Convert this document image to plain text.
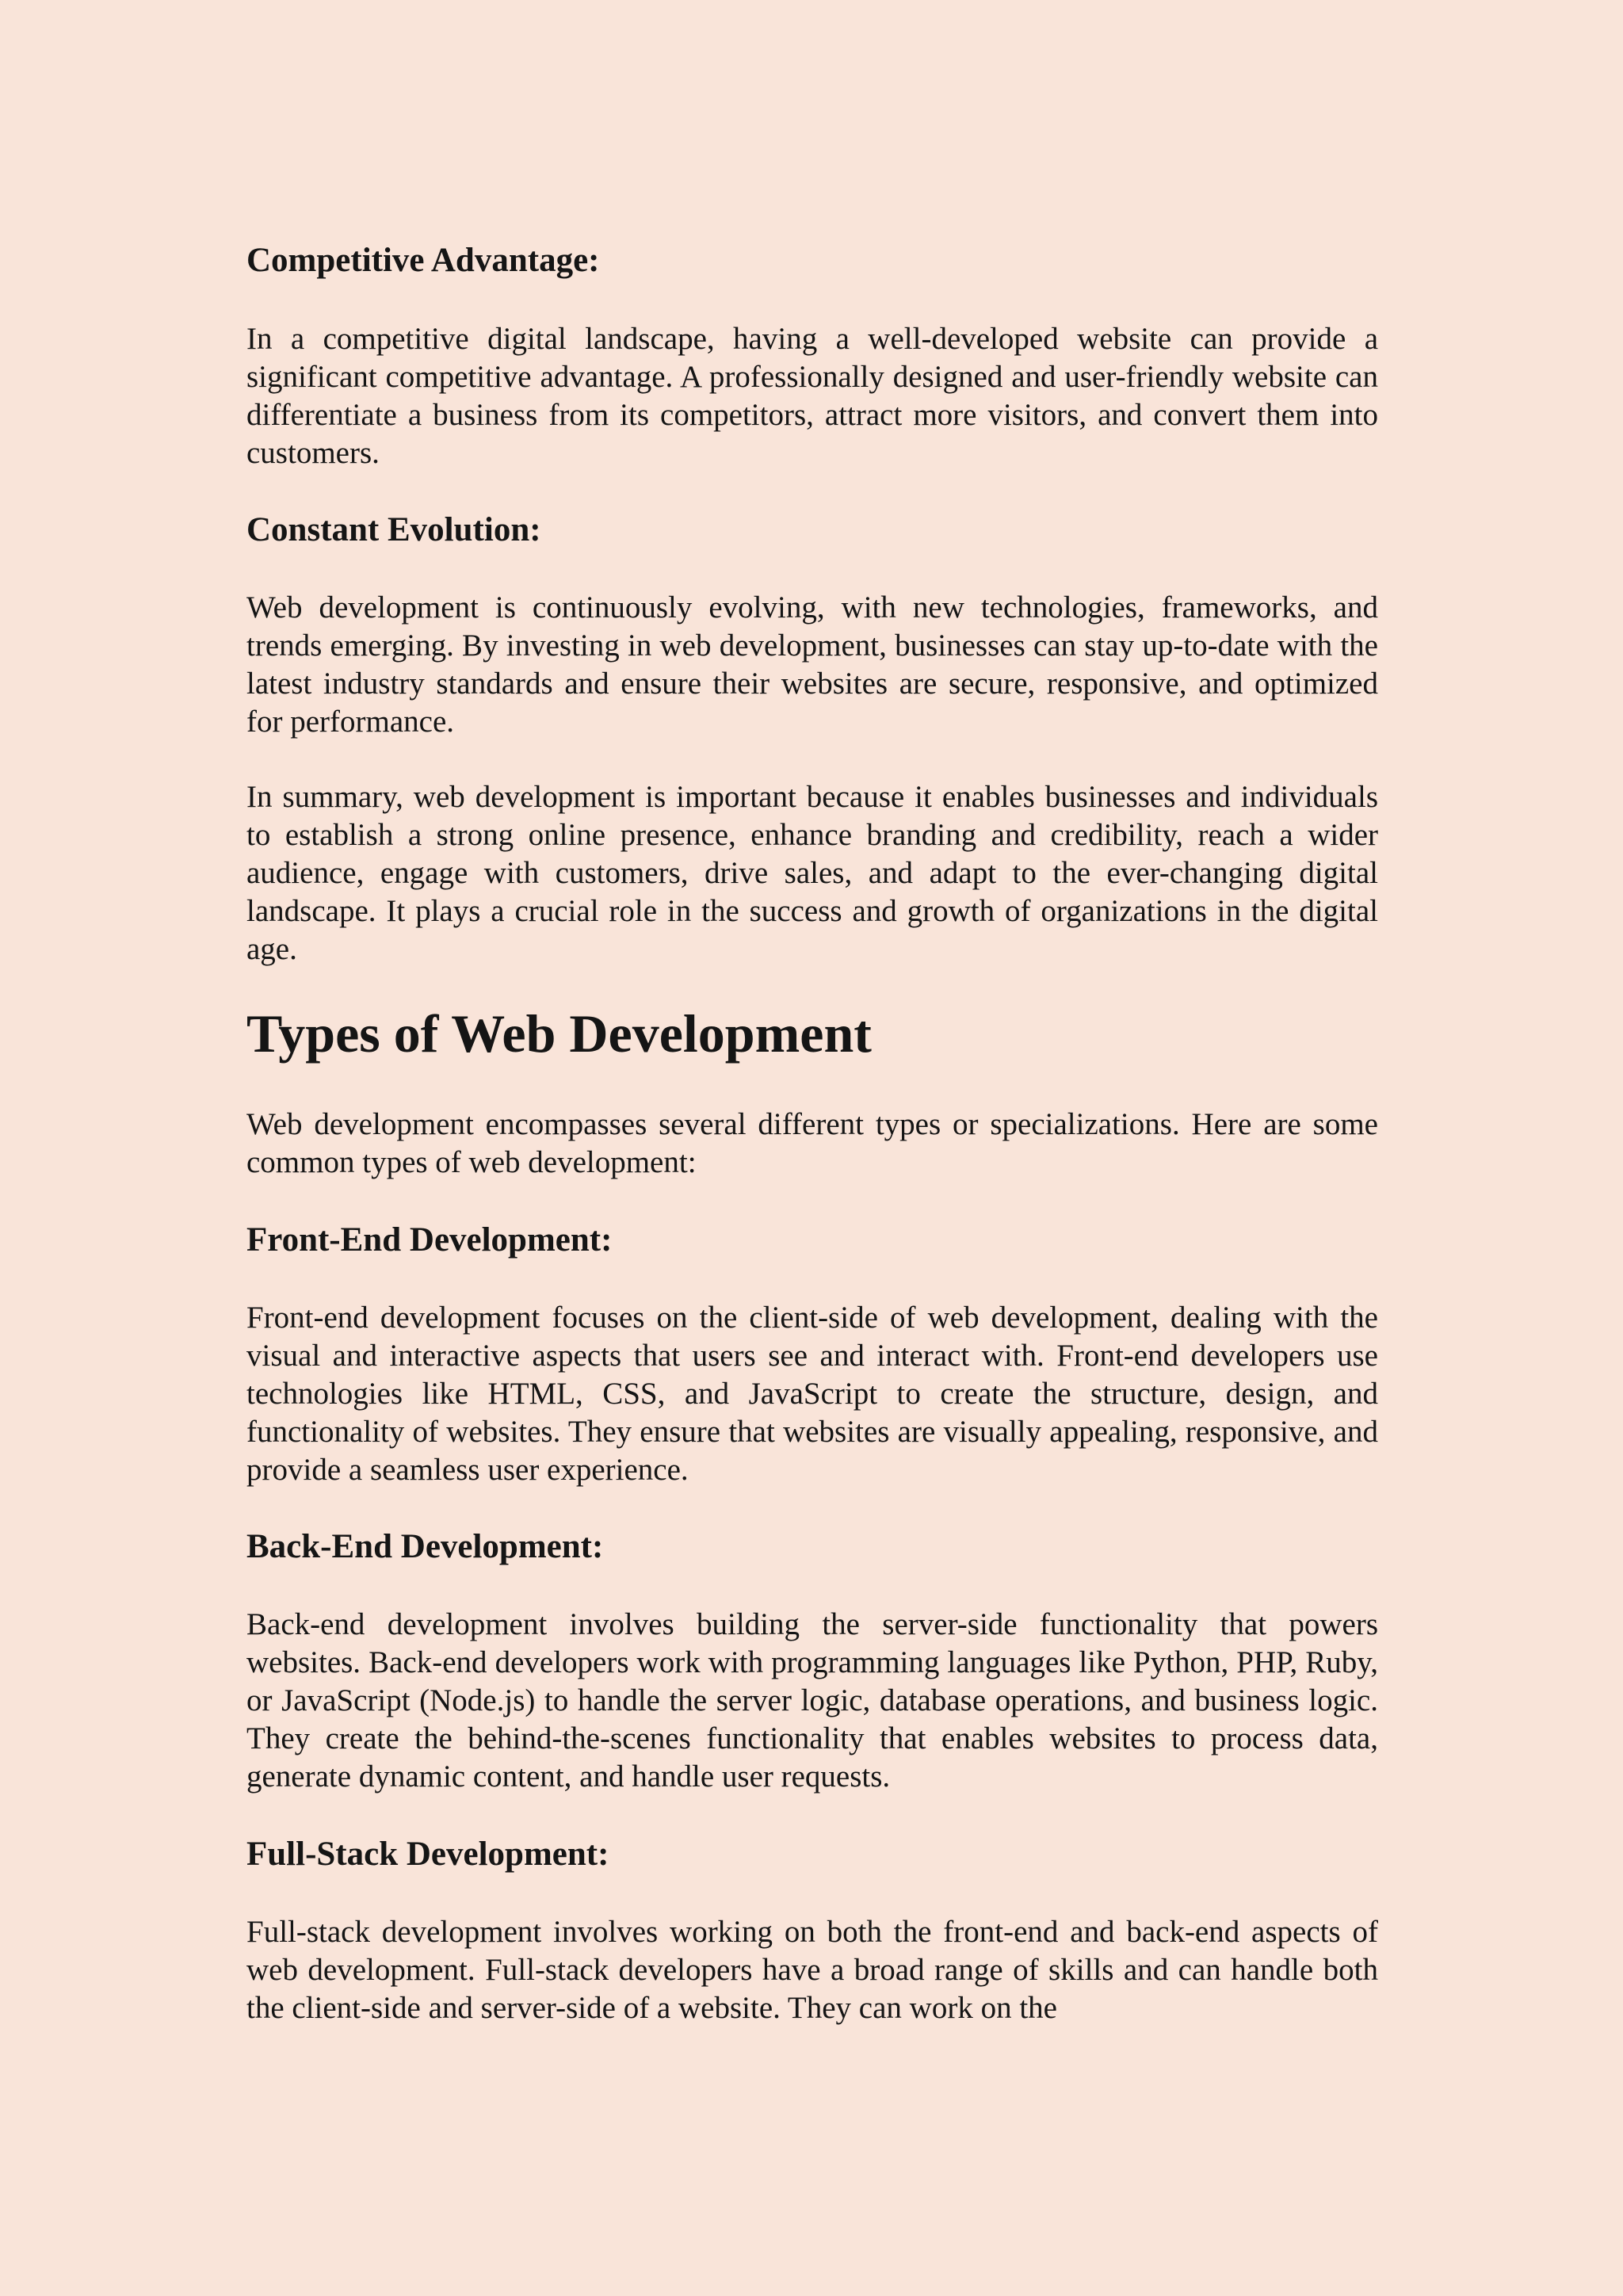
Competitive Advantage:

In a competitive digital landscape, having a well-developed website can provide a significant competitive advantage. A professionally designed and user-friendly website can differentiate a business from its competitors, attract more visitors, and convert them into customers.

Constant Evolution:

Web development is continuously evolving, with new technologies, frameworks, and trends emerging. By investing in web development, businesses can stay up-to-date with the latest industry standards and ensure their websites are secure, responsive, and optimized for performance.

In summary, web development is important because it enables businesses and individuals to establish a strong online presence, enhance branding and credibility, reach a wider audience, engage with customers, drive sales, and adapt to the ever-changing digital landscape. It plays a crucial role in the success and growth of organizations in the digital age.

Types of Web Development

Web development encompasses several different types or specializations. Here are some common types of web development:

Front-End Development:

Front-end development focuses on the client-side of web development, dealing with the visual and interactive aspects that users see and interact with. Front-end developers use technologies like HTML, CSS, and JavaScript to create the structure, design, and functionality of websites. They ensure that websites are visually appealing, responsive, and provide a seamless user experience.

Back-End Development:

Back-end development involves building the server-side functionality that powers websites. Back-end developers work with programming languages like Python, PHP, Ruby, or JavaScript (Node.js) to handle the server logic, database operations, and business logic. They create the behind-the-scenes functionality that enables websites to process data, generate dynamic content, and handle user requests.

Full-Stack Development:

Full-stack development involves working on both the front-end and back-end aspects of web development. Full-stack developers have a broad range of skills and can handle both the client-side and server-side of a website. They can work on the
